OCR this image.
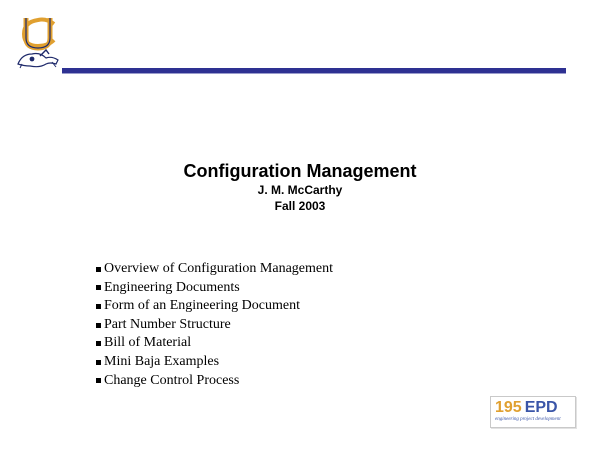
Configuration Management
J. M. McCarthy
Fall 2003
Overview of Configuration Management
Engineering Documents
Form of an Engineering Document
Part Number Structure
Bill of Material
Mini Baja Examples
Change Control Process
195 EPD
engineering project development
